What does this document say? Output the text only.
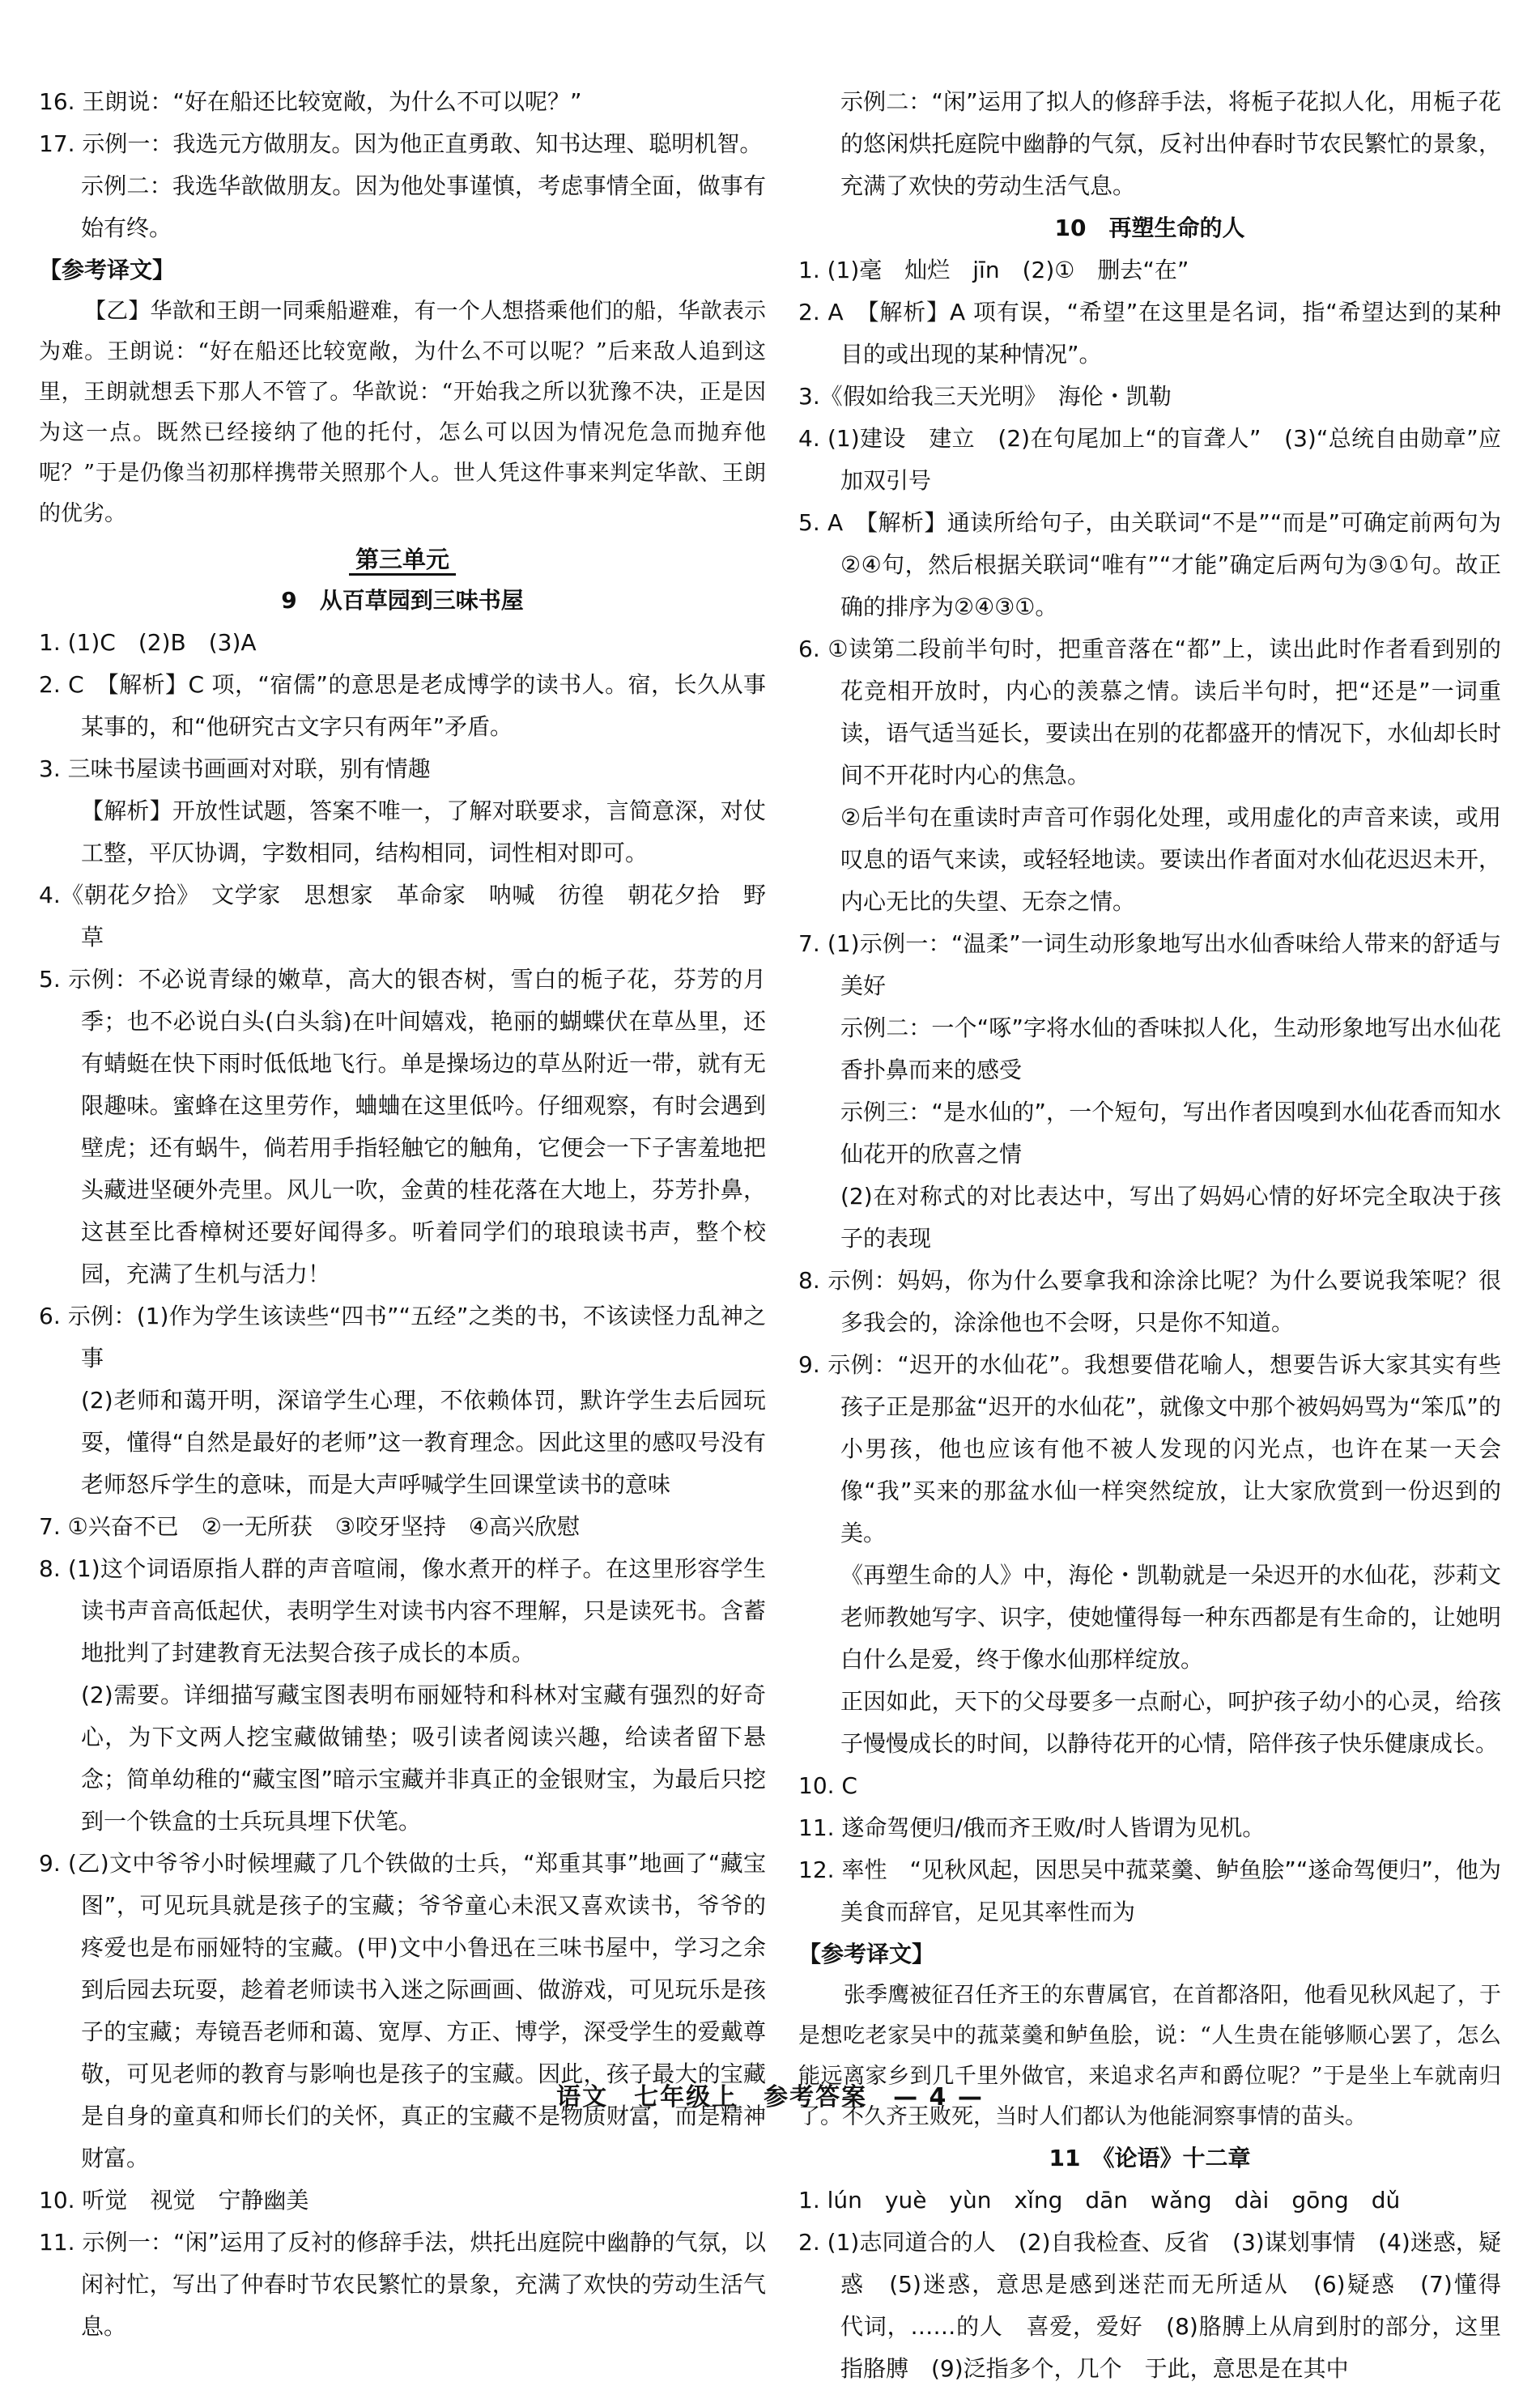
16. 王朗说：“好在船还比较宽敞，为什么不可以呢？”

17. 示例一：我选元方做朋友。因为他正直勇敢、知书达理、聪明机智。

示例二：我选华歆做朋友。因为他处事谨慎，考虑事情全面，做事有始有终。

【参考译文】

【乙】华歆和王朗一同乘船避难，有一个人想搭乘他们的船，华歆表示为难。王朗说：“好在船还比较宽敞，为什么不可以呢？”后来敌人追到这里，王朗就想丢下那人不管了。华歆说：“开始我之所以犹豫不决，正是因为这一点。既然已经接纳了他的托付，怎么可以因为情况危急而抛弃他呢？”于是仍像当初那样携带关照那个人。世人凭这件事来判定华歆、王朗的优劣。

第三单元

9　从百草园到三味书屋

1. (1)C　(2)B　(3)A

2. C　【解析】C 项，“宿儒”的意思是老成博学的读书人。宿，长久从事某事的，和“他研究古文字只有两年”矛盾。

3. 三味书屋读书画画对对联，别有情趣

【解析】开放性试题，答案不唯一，了解对联要求，言简意深，对仗工整，平仄协调，字数相同，结构相同，词性相对即可。

4.《朝花夕拾》　文学家　思想家　革命家　呐喊　彷徨　朝花夕拾　野草

5. 示例：不必说青绿的嫩草，高大的银杏树，雪白的栀子花，芬芳的月季；也不必说白头(白头翁)在叶间嬉戏，艳丽的蝴蝶伏在草丛里，还有蜻蜓在快下雨时低低地飞行。单是操场边的草丛附近一带，就有无限趣味。蜜蜂在这里劳作，蛐蛐在这里低吟。仔细观察，有时会遇到壁虎；还有蜗牛，倘若用手指轻触它的触角，它便会一下子害羞地把头藏进坚硬外壳里。风儿一吹，金黄的桂花落在大地上，芬芳扑鼻，这甚至比香樟树还要好闻得多。听着同学们的琅琅读书声，整个校园，充满了生机与活力！

6. 示例：(1)作为学生该读些“四书”“五经”之类的书，不该读怪力乱神之事

(2)老师和蔼开明，深谙学生心理，不依赖体罚，默许学生去后园玩耍，懂得“自然是最好的老师”这一教育理念。因此这里的感叹号没有老师怒斥学生的意味，而是大声呼喊学生回课堂读书的意味

7. ①兴奋不已　②一无所获　③咬牙坚持　④高兴欣慰

8. (1)这个词语原指人群的声音喧闹，像水煮开的样子。在这里形容学生读书声音高低起伏，表明学生对读书内容不理解，只是读死书。含蓄地批判了封建教育无法契合孩子成长的本质。

(2)需要。详细描写藏宝图表明布丽娅特和科林对宝藏有强烈的好奇心，为下文两人挖宝藏做铺垫；吸引读者阅读兴趣，给读者留下悬念；简单幼稚的“藏宝图”暗示宝藏并非真正的金银财宝，为最后只挖到一个铁盒的士兵玩具埋下伏笔。

9. (乙)文中爷爷小时候埋藏了几个铁做的士兵，“郑重其事”地画了“藏宝图”，可见玩具就是孩子的宝藏；爷爷童心未泯又喜欢读书，爷爷的疼爱也是布丽娅特的宝藏。(甲)文中小鲁迅在三味书屋中，学习之余到后园去玩耍，趁着老师读书入迷之际画画、做游戏，可见玩乐是孩子的宝藏；寿镜吾老师和蔼、宽厚、方正、博学，深受学生的爱戴尊敬，可见老师的教育与影响也是孩子的宝藏。因此，孩子最大的宝藏是自身的童真和师长们的关怀，真正的宝藏不是物质财富，而是精神财富。

10. 听觉　视觉　宁静幽美

11. 示例一：“闲”运用了反衬的修辞手法，烘托出庭院中幽静的气氛，以闲衬忙，写出了仲春时节农民繁忙的景象，充满了欢快的劳动生活气息。

示例二：“闲”运用了拟人的修辞手法，将栀子花拟人化，用栀子花的悠闲烘托庭院中幽静的气氛，反衬出仲春时节农民繁忙的景象，充满了欢快的劳动生活气息。

10　再塑生命的人

1. (1)毫　灿烂　jīn　(2)①　删去“在”

2. A　【解析】A 项有误，“希望”在这里是名词，指“希望达到的某种目的或出现的某种情况”。

3.《假如给我三天光明》　海伦・凯勒

4. (1)建设　建立　(2)在句尾加上“的盲聋人”　(3)“总统自由勋章”应加双引号

5. A　【解析】通读所给句子，由关联词“不是”“而是”可确定前两句为②④句，然后根据关联词“唯有”“才能”确定后两句为③①句。故正确的排序为②④③①。

6. ①读第二段前半句时，把重音落在“都”上，读出此时作者看到别的花竞相开放时，内心的羡慕之情。读后半句时，把“还是”一词重读，语气适当延长，要读出在别的花都盛开的情况下，水仙却长时间不开花时内心的焦急。

②后半句在重读时声音可作弱化处理，或用虚化的声音来读，或用叹息的语气来读，或轻轻地读。要读出作者面对水仙花迟迟未开，内心无比的失望、无奈之情。

7. (1)示例一：“温柔”一词生动形象地写出水仙香味给人带来的舒适与美好

示例二：一个“啄”字将水仙的香味拟人化，生动形象地写出水仙花香扑鼻而来的感受

示例三：“是水仙的”，一个短句，写出作者因嗅到水仙花香而知水仙花开的欣喜之情

(2)在对称式的对比表达中，写出了妈妈心情的好坏完全取决于孩子的表现

8. 示例：妈妈，你为什么要拿我和涂涂比呢？为什么要说我笨呢？很多我会的，涂涂他也不会呀，只是你不知道。

9. 示例：“迟开的水仙花”。我想要借花喻人，想要告诉大家其实有些孩子正是那盆“迟开的水仙花”，就像文中那个被妈妈骂为“笨瓜”的小男孩，他也应该有他不被人发现的闪光点，也许在某一天会像“我”买来的那盆水仙一样突然绽放，让大家欣赏到一份迟到的美。

《再塑生命的人》中，海伦・凯勒就是一朵迟开的水仙花，莎莉文老师教她写字、识字，使她懂得每一种东西都是有生命的，让她明白什么是爱，终于像水仙那样绽放。

正因如此，天下的父母要多一点耐心，呵护孩子幼小的心灵，给孩子慢慢成长的时间，以静待花开的心情，陪伴孩子快乐健康成长。

10. C

11. 遂命驾便归/俄而齐王败/时人皆谓为见机。

12. 率性　“见秋风起，因思吴中菰菜羹、鲈鱼脍”“遂命驾便归”，他为美食而辞官，足见其率性而为

【参考译文】

张季鹰被征召任齐王的东曹属官，在首都洛阳，他看见秋风起了，于是想吃老家吴中的菰菜羹和鲈鱼脍，说：“人生贵在能够顺心罢了，怎么能远离家乡到几千里外做官，来追求名声和爵位呢？”于是坐上车就南归了。不久齐王败死，当时人们都认为他能洞察事情的苗头。

11　《论语》十二章

1. lún　yuè　yùn　xǐng　dān　wǎng　dài　gōng　dǔ

2. (1)志同道合的人　(2)自我检查、反省　(3)谋划事情　(4)迷惑，疑惑　(5)迷惑，意思是感到迷茫而无所适从　(6)疑惑　(7)懂得　代词，……的人　喜爱，爱好　(8)胳膊上从肩到肘的部分，这里指胳膊　(9)泛指多个，几个　于此，意思是在其中

语文　七年级上　参考答案　— 4 —
